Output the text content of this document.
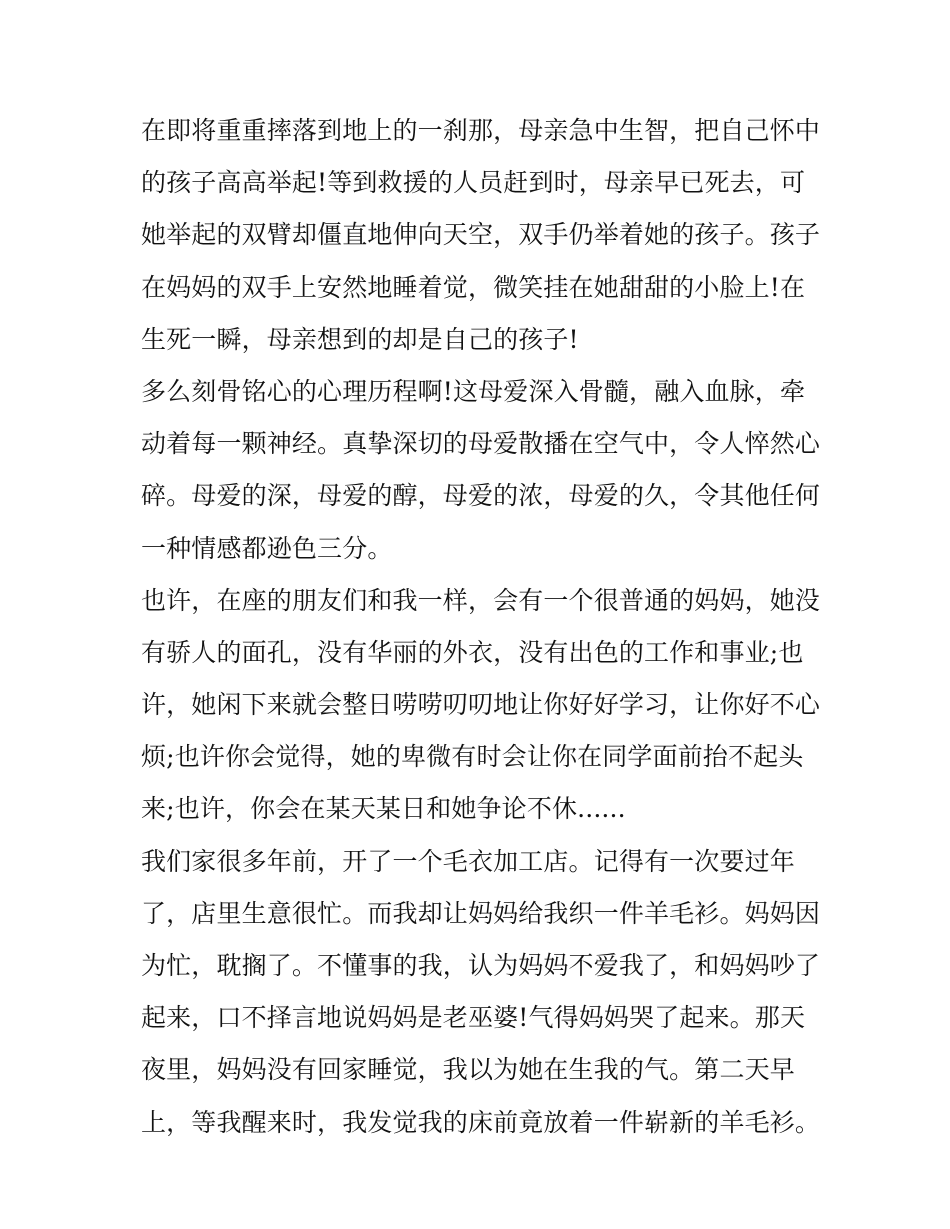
在即将重重摔落到地上的一刹那，母亲急中生智，把自己怀中
的孩子高高举起!等到救援的人员赶到时，母亲早已死去，可
她举起的双臂却僵直地伸向天空，双手仍举着她的孩子。孩子
在妈妈的双手上安然地睡着觉，微笑挂在她甜甜的小脸上!在
生死一瞬，母亲想到的却是自己的孩子!
多么刻骨铭心的心理历程啊!这母爱深入骨髓，融入血脉，牵
动着每一颗神经。真挚深切的母爱散播在空气中，令人悴然心
碎。母爱的深，母爱的醇，母爱的浓，母爱的久，令其他任何
一种情感都逊色三分。
也许，在座的朋友们和我一样，会有一个很普通的妈妈，她没
有骄人的面孔，没有华丽的外衣，没有出色的工作和事业;也
许，她闲下来就会整日唠唠叨叨地让你好好学习，让你好不心
烦;也许你会觉得，她的卑微有时会让你在同学面前抬不起头
来;也许，你会在某天某日和她争论不休......
我们家很多年前，开了一个毛衣加工店。记得有一次要过年
了，店里生意很忙。而我却让妈妈给我织一件羊毛衫。妈妈因
为忙，耽搁了。不懂事的我，认为妈妈不爱我了，和妈妈吵了
起来，口不择言地说妈妈是老巫婆!气得妈妈哭了起来。那天
夜里，妈妈没有回家睡觉，我以为她在生我的气。第二天早
上，等我醒来时，我发觉我的床前竟放着一件崭新的羊毛衫。
